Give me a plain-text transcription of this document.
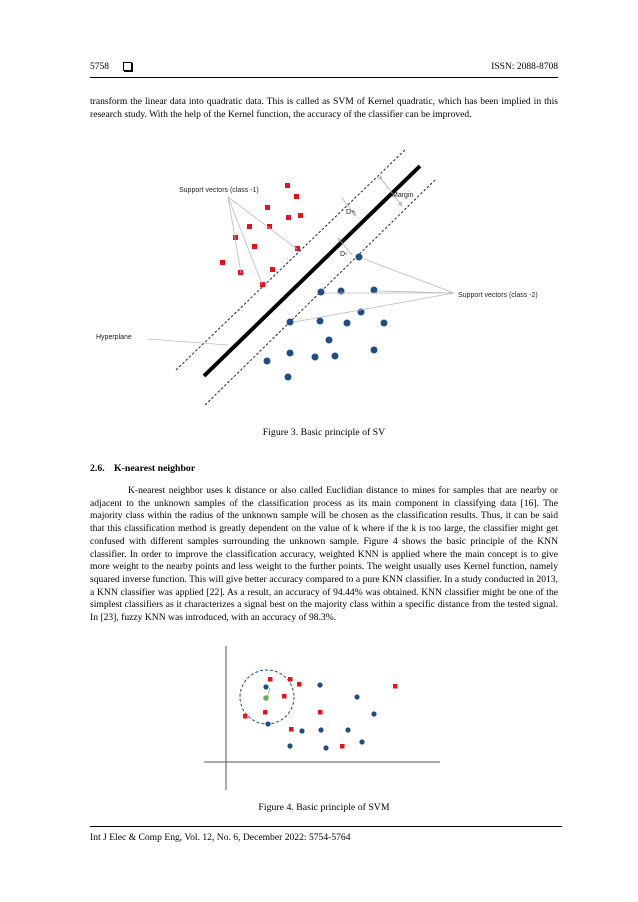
5758	ISSN: 2088-8708

transform the linear data into quadratic data. This is called as SVM of Kernel quadratic, which has been implied in this research study. With the help of the Kernel function, the accuracy of the classifier can be improved.

Support vectors (class -1)
Support vectors (class -2)
Margin
D+
D-
Hyperplane
Figure 3. Basic principle of SV
2.6. K-nearest neighbor

K-nearest neighbor uses k distance or also called Euclidian distance to mines for samples that are nearby or adjacent to the unknown samples of the classification process as its main component in classifying data [16]. The majority class within the radius of the unknown sample will be chosen as the classification results. Thus, it can be said that this classification method is greatly dependent on the value of k where if the k is too large, the classifier might get confused with different samples surrounding the unknown sample. Figure 4 shows the basic principle of the KNN classifier. In order to improve the classification accuracy, weighted KNN is applied where the main concept is to give more weight to the nearby points and less weight to the further points. The weight usually uses Kernel function, namely squared inverse function. This will give better accuracy compared to a pure KNN classifier. In a study conducted in 2013, a KNN classifier was applied [22]. As a result, an accuracy of 94.44% was obtained. KNN classifier might be one of the simplest classifiers as it characterizes a signal best on the majority class within a specific distance from the tested signal. In [23], fuzzy KNN was introduced, with an accuracy of 98.3%.

Figure 4. Basic principle of SVM
Int J Elec & Comp Eng, Vol. 12, No. 6, December 2022: 5754-5764
